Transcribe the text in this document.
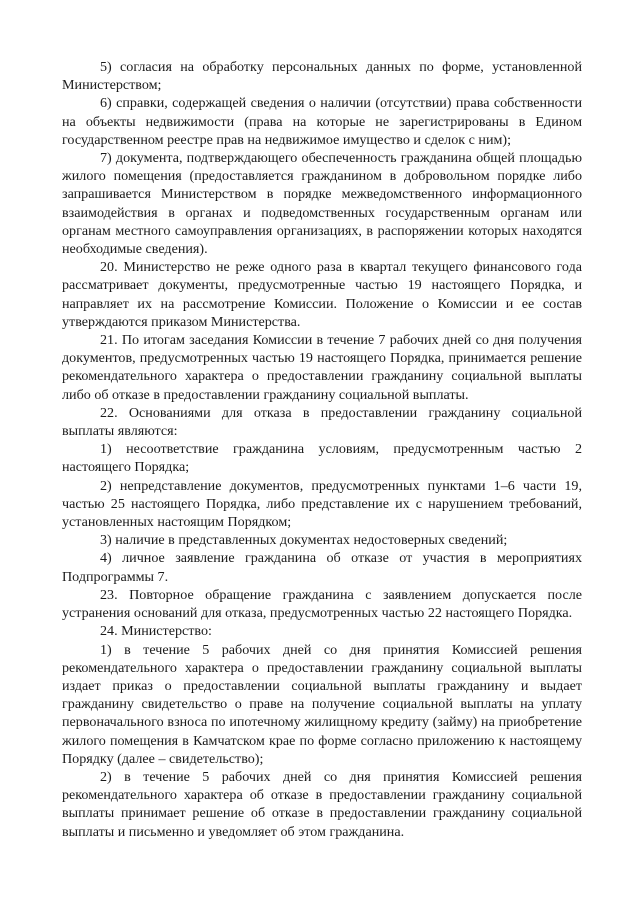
5) согласия на обработку персональных данных по форме, установленной Министерством;

6) справки, содержащей сведения о наличии (отсутствии) права собственности на объекты недвижимости (права на которые не зарегистрированы в Едином государственном реестре прав на недвижимое имущество и сделок с ним);

7) документа, подтверждающего обеспеченность гражданина общей площадью жилого помещения (предоставляется гражданином в добровольном порядке либо запрашивается Министерством в порядке межведомственного информационного взаимодействия в органах и подведомственных государственным органам или органам местного самоуправления организациях, в распоряжении которых находятся необходимые сведения).

20. Министерство не реже одного раза в квартал текущего финансового года рассматривает документы, предусмотренные частью 19 настоящего Порядка, и направляет их на рассмотрение Комиссии. Положение о Комиссии и ее состав утверждаются приказом Министерства.

21. По итогам заседания Комиссии в течение 7 рабочих дней со дня получения документов, предусмотренных частью 19 настоящего Порядка, принимается решение рекомендательного характера о предоставлении гражданину социальной выплаты либо об отказе в предоставлении гражданину социальной выплаты.

22. Основаниями для отказа в предоставлении гражданину социальной выплаты являются:

1) несоответствие гражданина условиям, предусмотренным частью 2 настоящего Порядка;

2) непредставление документов, предусмотренных пунктами 1–6 части 19, частью 25 настоящего Порядка, либо представление их с нарушением требований, установленных настоящим Порядком;

3) наличие в представленных документах недостоверных сведений;

4) личное заявление гражданина об отказе от участия в мероприятиях Подпрограммы 7.

23. Повторное обращение гражданина с заявлением допускается после устранения оснований для отказа, предусмотренных частью 22 настоящего Порядка.

24. Министерство:

1) в течение 5 рабочих дней со дня принятия Комиссией решения рекомендательного характера о предоставлении гражданину социальной выплаты издает приказ о предоставлении социальной выплаты гражданину и выдает гражданину свидетельство о праве на получение социальной выплаты на уплату первоначального взноса по ипотечному жилищному кредиту (займу) на приобретение жилого помещения в Камчатском крае по форме согласно приложению к настоящему Порядку (далее – свидетельство);

2) в течение 5 рабочих дней со дня принятия Комиссией решения рекомендательного характера об отказе в предоставлении гражданину социальной выплаты принимает решение об отказе в предоставлении гражданину социальной выплаты и письменно и уведомляет об этом гражданина.
